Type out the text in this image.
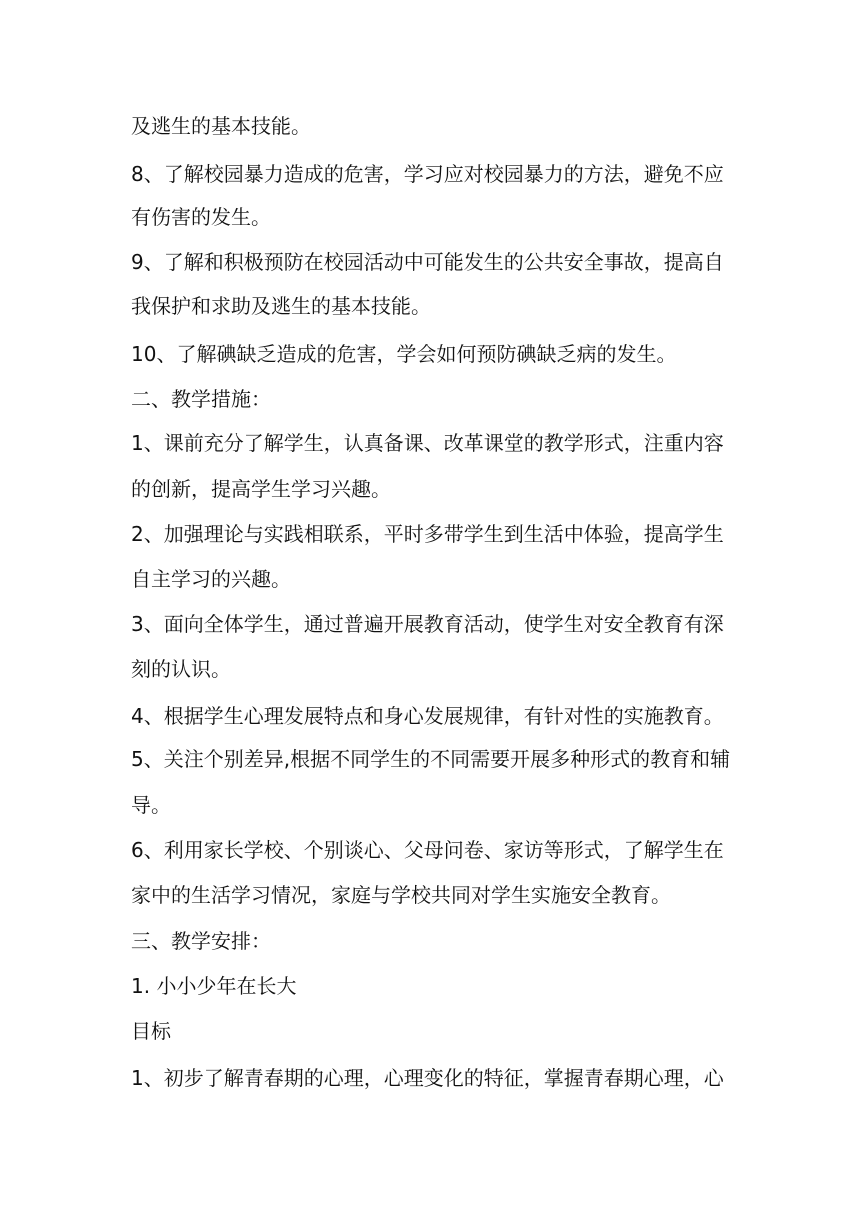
及逃生的基本技能。

8、了解校园暴力造成的危害，学习应对校园暴力的方法，避免不应

有伤害的发生。

9、了解和积极预防在校园活动中可能发生的公共安全事故，提高自

我保护和求助及逃生的基本技能。

10、了解碘缺乏造成的危害，学会如何预防碘缺乏病的发生。

二、教学措施：

1、课前充分了解学生，认真备课、改革课堂的教学形式，注重内容

的创新，提高学生学习兴趣。

2、加强理论与实践相联系，平时多带学生到生活中体验，提高学生

自主学习的兴趣。

3、面向全体学生，通过普遍开展教育活动，使学生对安全教育有深

刻的认识。

4、根据学生心理发展特点和身心发展规律，有针对性的实施教育。

5、关注个别差异,根据不同学生的不同需要开展多种形式的教育和辅

导。

6、利用家长学校、个别谈心、父母问卷、家访等形式，了解学生在

家中的生活学习情况，家庭与学校共同对学生实施安全教育。

三、教学安排：

1. 小小少年在长大

目标

1、初步了解青春期的心理，心理变化的特征，掌握青春期心理，心
